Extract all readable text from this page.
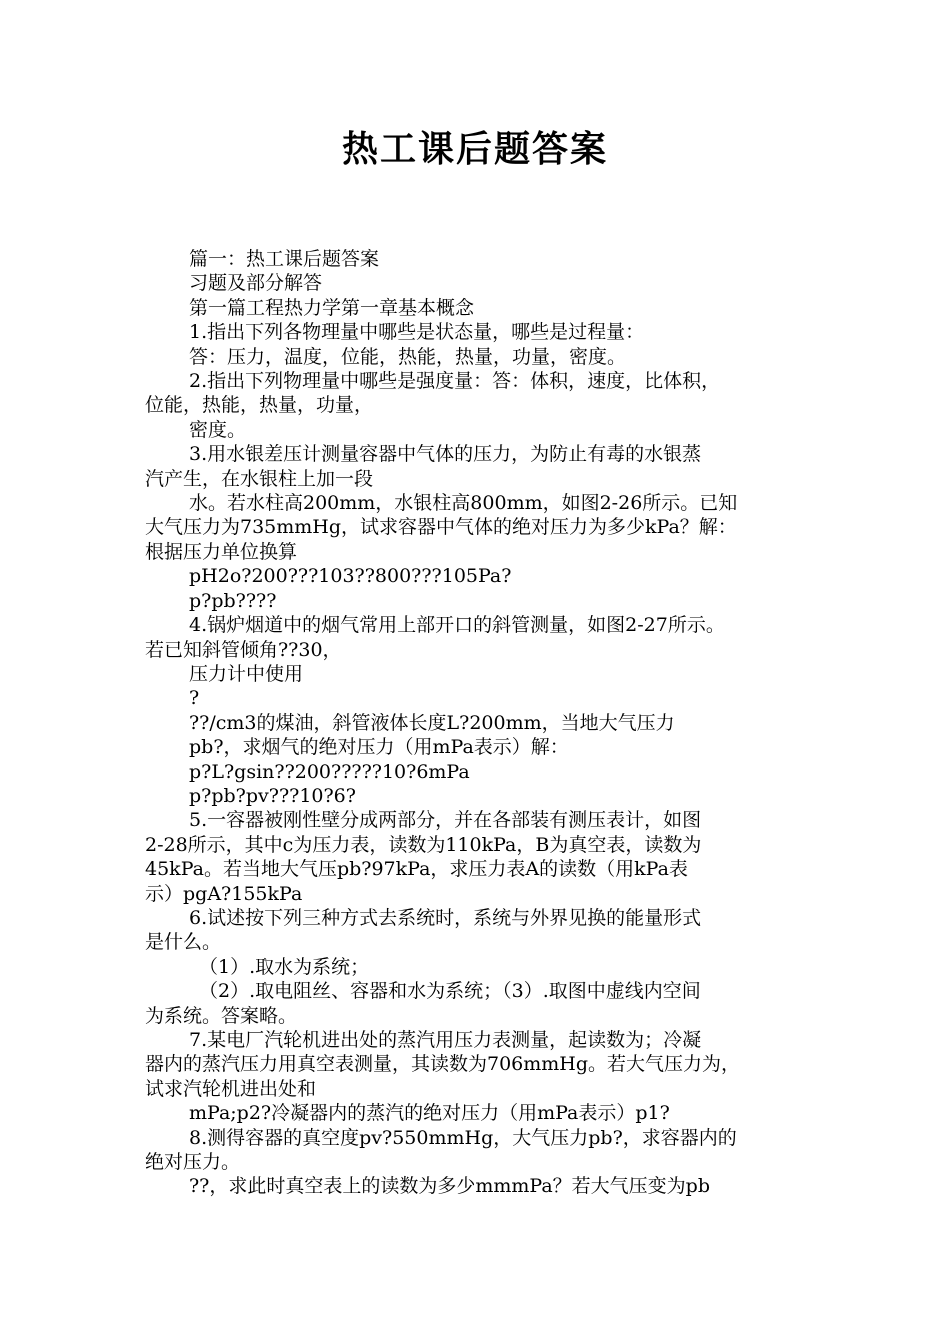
热工课后题答案

篇一：热工课后题答案

习题及部分解答

第一篇工程热力学第一章基本概念

1.指出下列各物理量中哪些是状态量，哪些是过程量：

答：压力，温度，位能，热能，热量，功量，密度。

2.指出下列物理量中哪些是强度量：答：体积，速度，比体积，

位能，热能，热量，功量，

密度。

3.用水银差压计测量容器中气体的压力，为防止有毒的水银蒸

汽产生，在水银柱上加一段

水。若水柱高200mm，水银柱高800mm，如图2-26所示。已知

大气压力为735mmHg，试求容器中气体的绝对压力为多少kPa？解：

根据压力单位换算

pH2o?200???103??800???105Pa?

p?pb????

4.锅炉烟道中的烟气常用上部开口的斜管测量，如图2-27所示。

若已知斜管倾角??30，

压力计中使用

?

??/cm3的煤油，斜管液体长度L?200mm，当地大气压力

pb?，求烟气的绝对压力（用mPa表示）解：

p?L?gsin??200?????10?6mPa

p?pb?pv???10?6?

5.一容器被刚性壁分成两部分，并在各部装有测压表计，如图

2-28所示，其中c为压力表，读数为110kPa，B为真空表，读数为

45kPa。若当地大气压pb?97kPa，求压力表A的读数（用kPa表

示）pgA?155kPa

6.试述按下列三种方式去系统时，系统与外界见换的能量形式

是什么。

（1）.取水为系统；

（2）.取电阻丝、容器和水为系统；（3）.取图中虚线内空间

为系统。答案略。

7.某电厂汽轮机进出处的蒸汽用压力表测量，起读数为；冷凝

器内的蒸汽压力用真空表测量，其读数为706mmHg。若大气压力为，

试求汽轮机进出处和

mPa;p2?冷凝器内的蒸汽的绝对压力（用mPa表示）p1?

8.测得容器的真空度pv?550mmHg，大气压力pb?，求容器内的

绝对压力。

??，求此时真空表上的读数为多少mmmPa？若大气压变为pb
